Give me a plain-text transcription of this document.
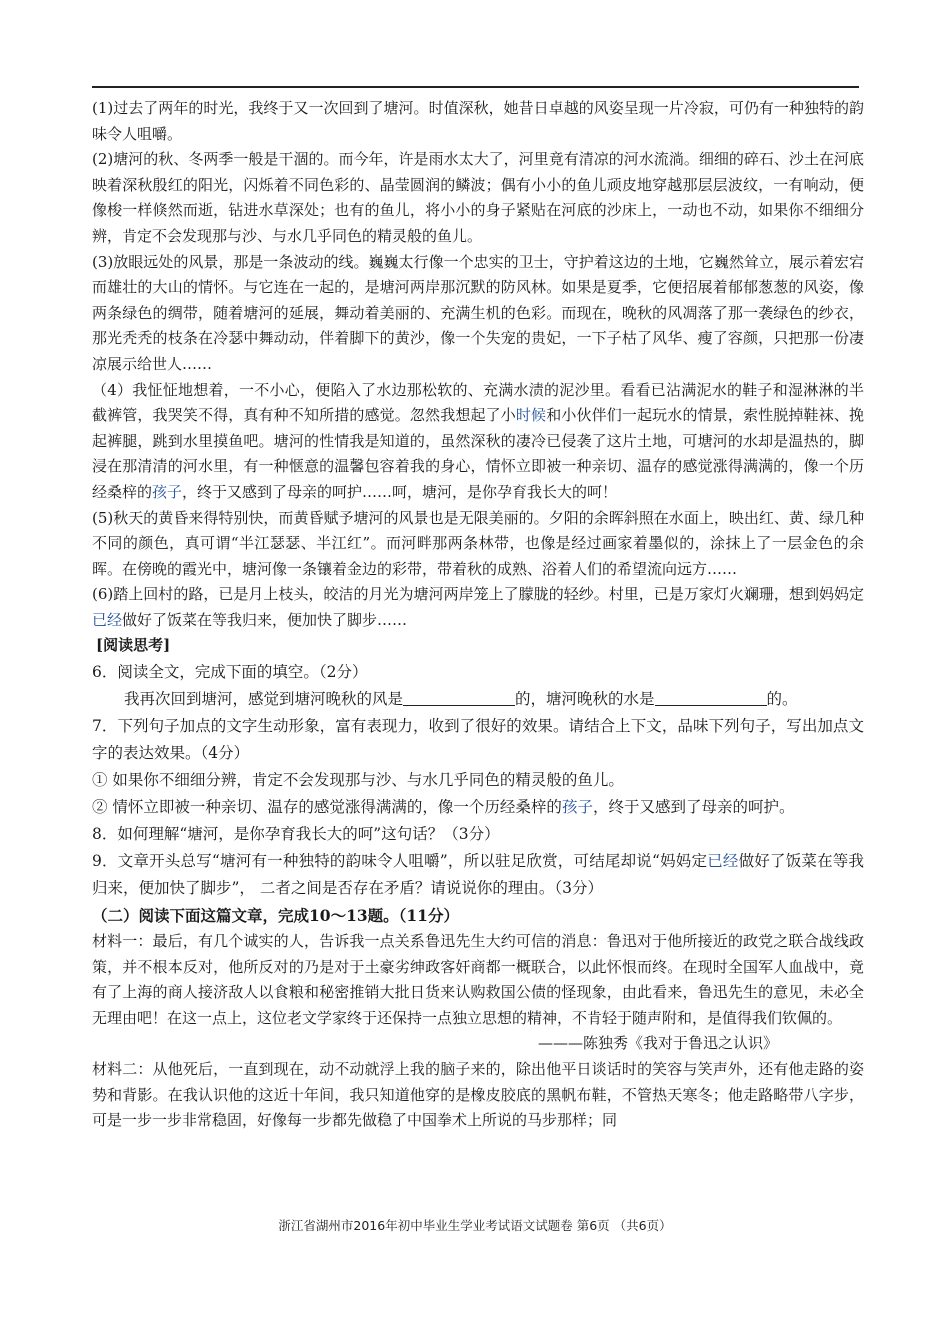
(1)过去了两年的时光，我终于又一次回到了塘河。时值深秋，她昔日卓越的风姿呈现一片冷寂，可仍有一种独特的韵味令人咀嚼。

(2)塘河的秋、冬两季一般是干涸的。而今年，许是雨水太大了，河里竟有清凉的河水流淌。细细的碎石、沙土在河底映着深秋殷红的阳光，闪烁着不同色彩的、晶莹圆润的鳞波；偶有小小的鱼儿顽皮地穿越那层层波纹，一有响动，便像梭一样倏然而逝，钻进水草深处；也有的鱼儿，将小小的身子紧贴在河底的沙床上，一动也不动，如果你不细细分辨，肯定不会发现那与沙、与水几乎同色的精灵般的鱼儿。

(3)放眼远处的风景，那是一条波动的线。巍巍太行像一个忠实的卫士，守护着这边的土地，它巍然耸立，展示着宏宕而雄壮的大山的情怀。与它连在一起的，是塘河两岸那沉默的防风林。如果是夏季，它便招展着郁郁葱葱的风姿，像两条绿色的绸带，随着塘河的延展，舞动着美丽的、充满生机的色彩。而现在，晚秋的风凋落了那一袭绿色的纱衣，那光秃秃的枝条在冷瑟中舞动动，伴着脚下的黄沙，像一个失宠的贵妃，一下子枯了风华、瘦了容颜，只把那一份凄凉展示给世人……

（4）我怔怔地想着，一不小心，便陷入了水边那松软的、充满水渍的泥沙里。看看已沾满泥水的鞋子和湿淋淋的半截裤管，我哭笑不得，真有种不知所措的感觉。忽然我想起了小时候和小伙伴们一起玩水的情景，索性脱掉鞋袜、挽起裤腿，跳到水里摸鱼吧。塘河的性情我是知道的，虽然深秋的凄冷已侵袭了这片土地，可塘河的水却是温热的，脚浸在那清清的河水里，有一种惬意的温馨包容着我的身心，情怀立即被一种亲切、温存的感觉涨得满满的，像一个历经桑梓的孩子，终于又感到了母亲的呵护……呵，塘河，是你孕育我长大的呵！

(5)秋天的黄昏来得特别快，而黄昏赋予塘河的风景也是无限美丽的。夕阳的余晖斜照在水面上，映出红、黄、绿几种不同的颜色，真可谓“半江瑟瑟、半江红”。而河畔那两条林带，也像是经过画家着墨似的，涂抹上了一层金色的余晖。在傍晚的霞光中，塘河像一条镶着金边的彩带，带着秋的成熟、浴着人们的希望流向远方……

(6)踏上回村的路，已是月上枝头，皎洁的月光为塘河两岸笼上了朦胧的轻纱。村里，已是万家灯火斓珊，想到妈妈定已经做好了饭菜在等我归来，便加快了脚步……

[阅读思考]

6．阅读全文，完成下面的填空。（2分）

我再次回到塘河，感觉到塘河晚秋的风是	的，塘河晚秋的水是	的。

7．下列句子加点的文字生动形象，富有表现力，收到了很好的效果。请结合上下文，品味下列句子，写出加点文字的表达效果。（4分）

① 如果你不细细分辨，肯定不会发现那与沙、与水几乎同色的精灵般的鱼儿。

② 情怀立即被一种亲切、温存的感觉涨得满满的，像一个历经桑梓的孩子，终于又感到了母亲的呵护。

8．如何理解“塘河，是你孕育我长大的呵”这句话？（3分）

9．文章开头总写“塘河有一种独特的韵味令人咀嚼”，所以驻足欣赏，可结尾却说“妈妈定已经做好了饭菜在等我归来，便加快了脚步”， 二者之间是否存在矛盾？请说说你的理由。（3分）

（二）阅读下面这篇文章，完成10～13题。（11分）

材料一：最后，有几个诚实的人，告诉我一点关系鲁迅先生大约可信的消息：鲁迅对于他所接近的政党之联合战线政策，并不根本反对，他所反对的乃是对于土豪劣绅政客奸商都一概联合，以此怀恨而终。在现时全国军人血战中，竟有了上海的商人接济敌人以食粮和秘密推销大批日货来认购救国公债的怪现象，由此看来，鲁迅先生的意见，未必全无理由吧！在这一点上，这位老文学家终于还保持一点独立思想的精神，不肯轻于随声附和，是值得我们钦佩的。

———陈独秀《我对于鲁迅之认识》

材料二：从他死后，一直到现在，动不动就浮上我的脑子来的，除出他平日谈话时的笑容与笑声外，还有他走路的姿势和背影。在我认识他的这近十年间，我只知道他穿的是橡皮胶底的黑帆布鞋，不管热天寒冬；他走路略带八字步，可是一步一步非常稳固，好像每一步都先做稳了中国拳术上所说的马步那样；同

浙江省湖州市2016年初中毕业生学业考试语文试题卷 第6页 （共6页）
